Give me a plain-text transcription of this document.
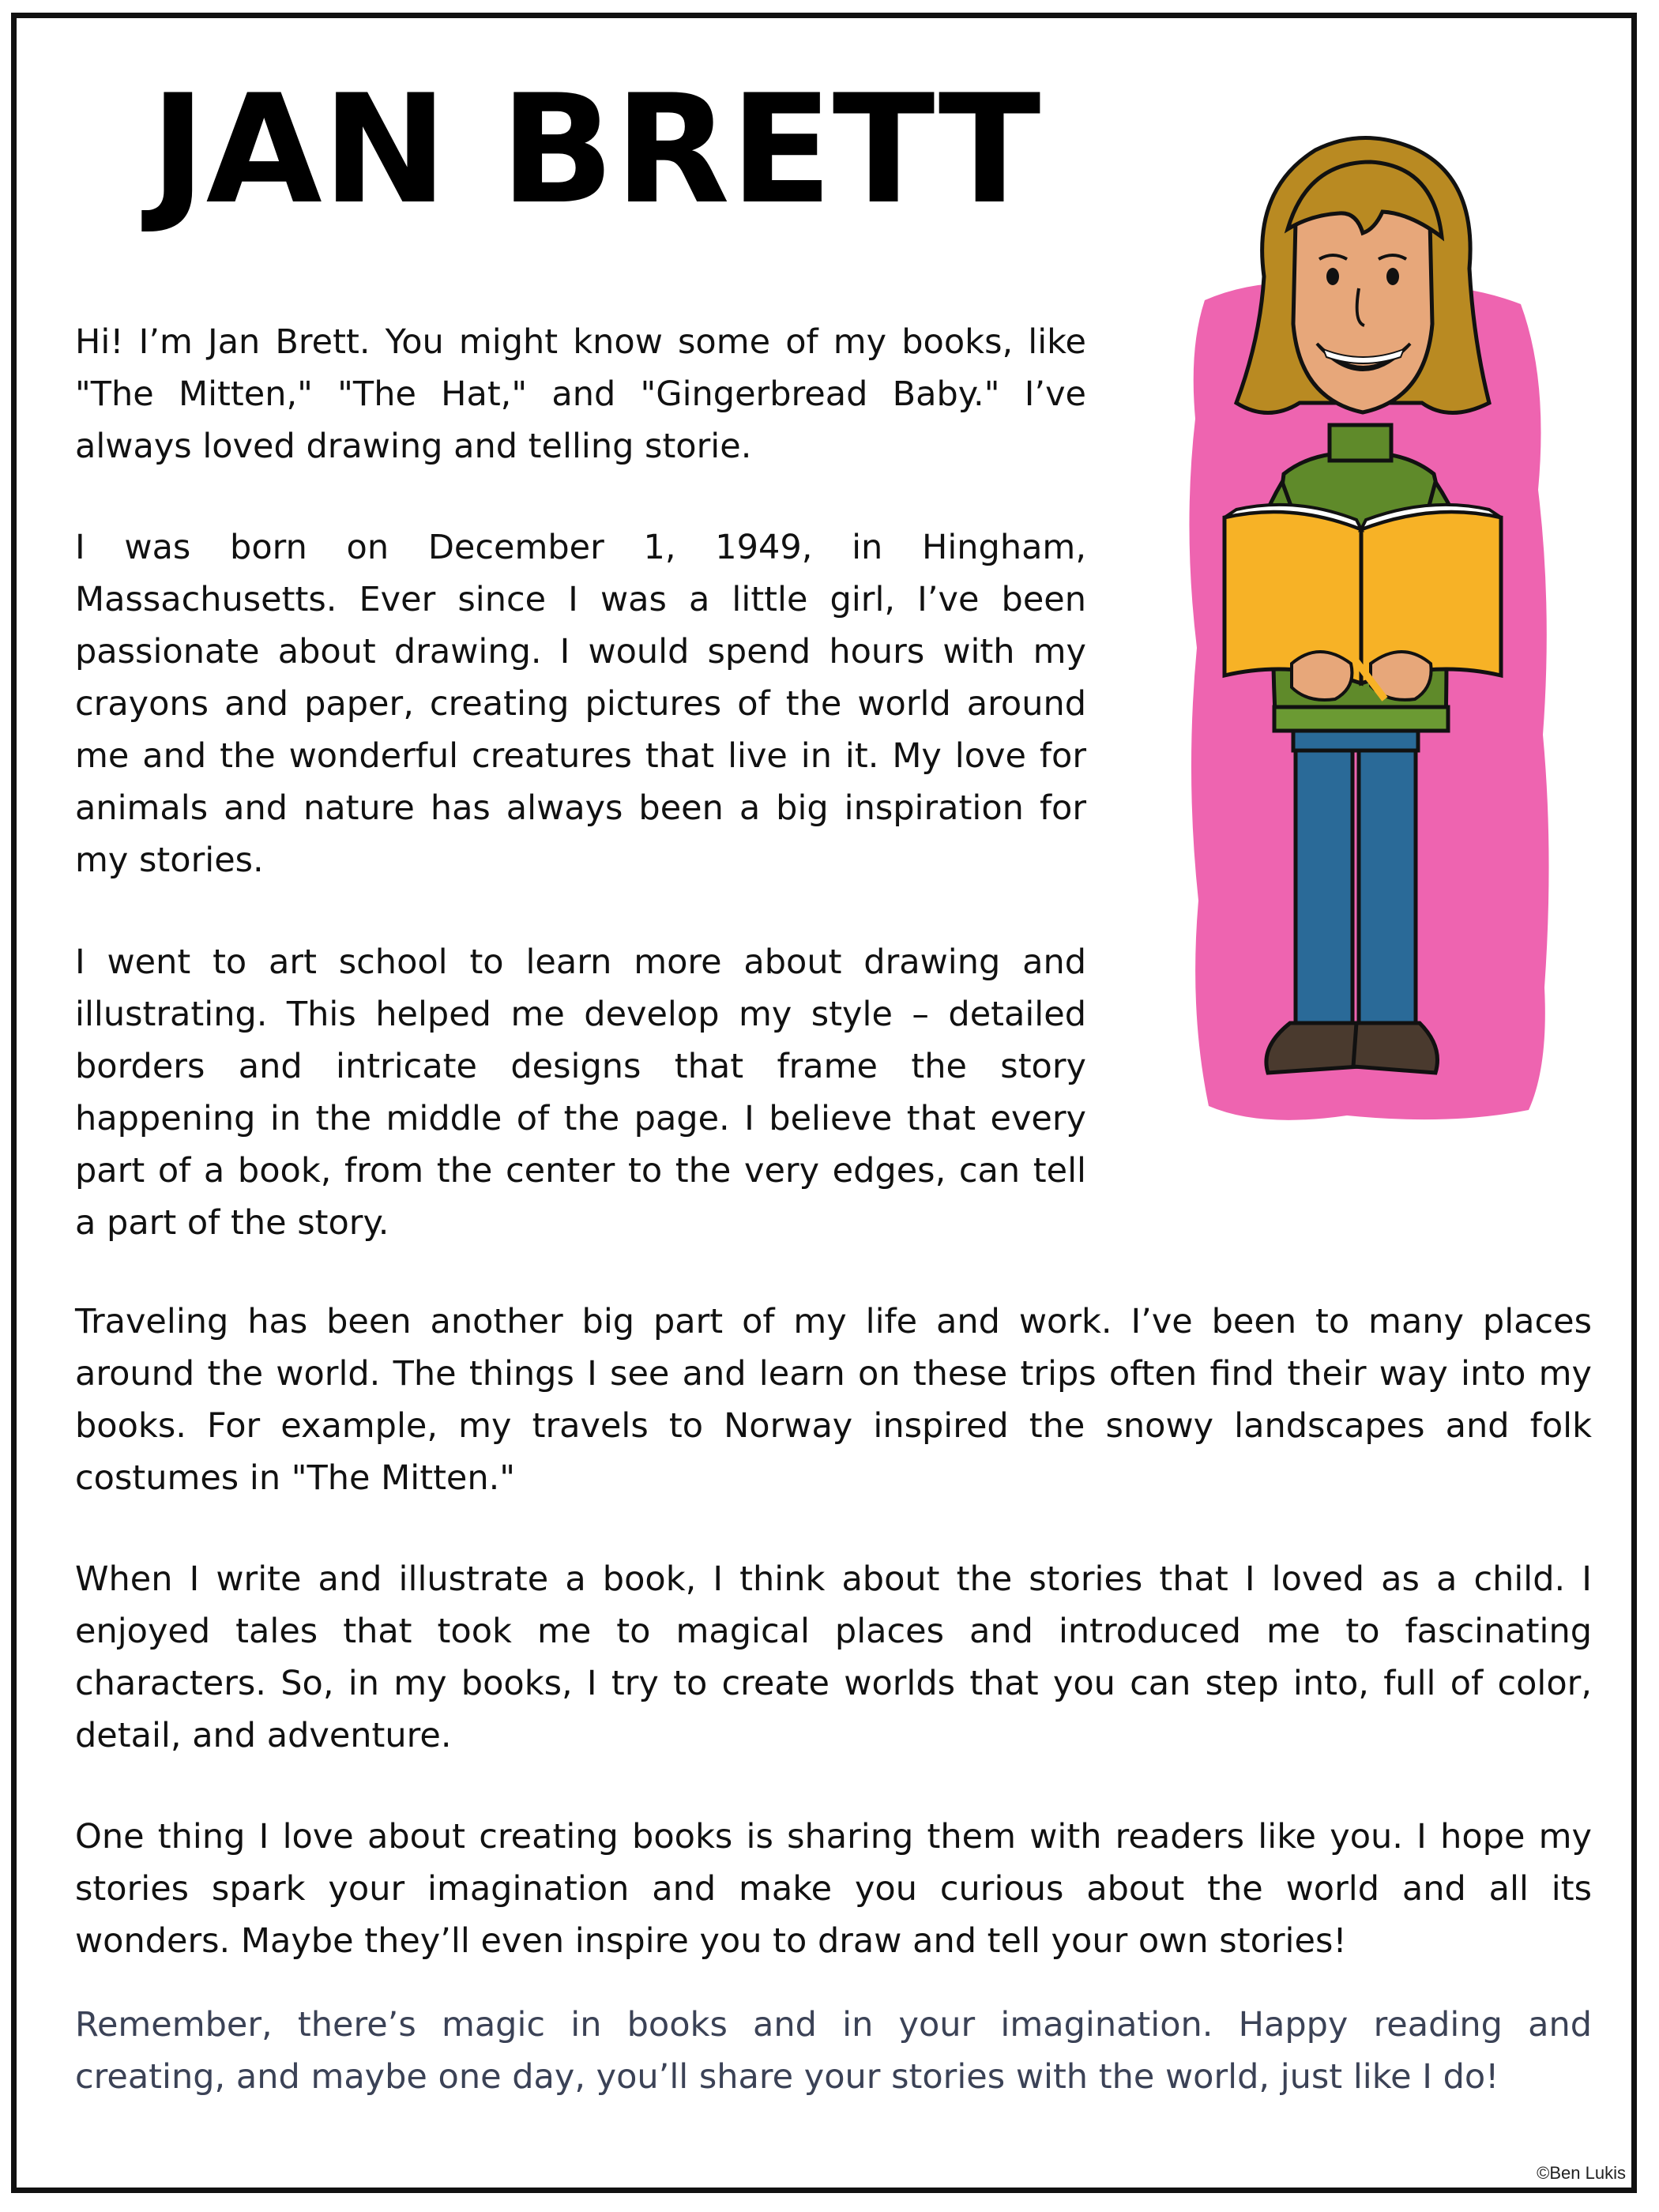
JAN BRETT

Hi! I’m Jan Brett. You might know some of my books, like "The Mitten," "The Hat," and "Gingerbread Baby." I’ve always loved drawing and telling storie.

I was born on December 1, 1949, in Hingham, Massachusetts. Ever since I was a little girl, I’ve been passionate about drawing. I would spend hours with my crayons and paper, creating pictures of the world around me and the wonderful creatures that live in it. My love for animals and nature has always been a big inspiration for my stories.

I went to art school to learn more about drawing and illustrating. This helped me develop my style – detailed borders and intricate designs that frame the story happening in the middle of the page. I believe that every part of a book, from the center to the very edges, can tell a part of the story.

Traveling has been another big part of my life and work. I’ve been to many places around the world. The things I see and learn on these trips often find their way into my books. For example, my travels to Norway inspired the snowy landscapes and folk costumes in "The Mitten."

When I write and illustrate a book, I think about the stories that I loved as a child. I enjoyed tales that took me to magical places and introduced me to fascinating characters. So, in my books, I try to create worlds that you can step into, full of color, detail, and adventure.

One thing I love about creating books is sharing them with readers like you. I hope my stories spark your imagination and make you curious about the world and all its wonders. Maybe they’ll even inspire you to draw and tell your own stories!

Remember, there’s magic in books and in your imagination. Happy reading and creating, and maybe one day, you’ll share your stories with the world, just like I do!

©Ben Lukis
